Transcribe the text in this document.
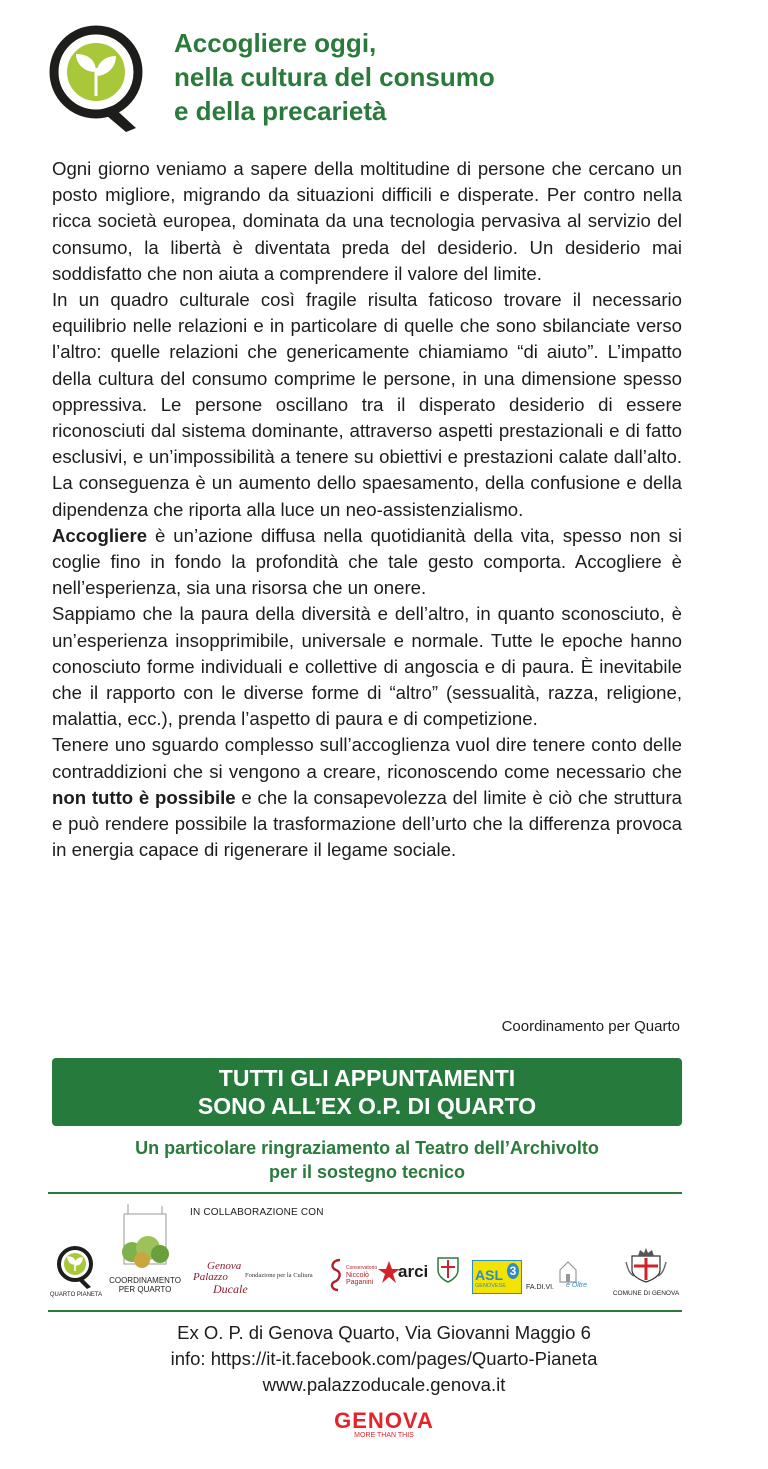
Accogliere oggi,
nella cultura del consumo
e della precarietà

Ogni giorno veniamo a sapere della moltitudine di persone che cercano un posto migliore, migrando da situazioni difficili e disperate. Per contro nella ricca società europea, dominata da una tecnologia pervasiva al servizio del consumo, la libertà è diventata preda del desiderio. Un desiderio mai soddisfatto che non aiuta a comprendere il valore del limite.

In un quadro culturale così fragile risulta faticoso trovare il necessario equilibrio nelle relazioni e in particolare di quelle che sono sbilanciate verso l’altro: quelle relazioni che genericamente chiamiamo “di aiuto”. L’impatto della cultura del consumo comprime le persone, in una dimensione spesso oppressiva. Le persone oscillano tra il disperato desiderio di essere riconosciuti dal sistema dominante, attraverso aspetti prestazionali e di fatto esclusivi, e un’impossibilità a tenere su obiettivi e prestazioni calate dall’alto. La conseguenza è un aumento dello spaesamento, della confusione e della dipendenza che riporta alla luce un neo-assistenzialismo.

Accogliere è un’azione diffusa nella quotidianità della vita, spesso non si coglie fino in fondo la profondità che tale gesto comporta. Accogliere è nell’esperienza, sia una risorsa che un onere.

Sappiamo che la paura della diversità e dell’altro, in quanto sconosciuto, è un’esperienza insopprimibile, universale e normale. Tutte le epoche hanno conosciuto forme individuali e collettive di angoscia e di paura. È inevitabile che il rapporto con le diverse forme di “altro” (sessualità, razza, religione, malattia, ecc.), prenda l’aspetto di paura e di competizione.

Tenere uno sguardo complesso sull’accoglienza vuol dire tenere conto delle contraddizioni che si vengono a creare, riconoscendo come necessario che non tutto è possibile e che la consapevolezza del limite è ciò che struttura e può rendere possibile la trasformazione dell’urto che la differenza provoca in energia capace di rigenerare il legame sociale.

Coordinamento per Quarto
TUTTI GLI APPUNTAMENTI
SONO ALL’EX O.P. DI QUARTO
Un particolare ringraziamento al Teatro dell’Archivolto
per il sostegno tecnico
IN COLLABORAZIONE CON
QUARTO PIANETA
COORDINAMENTO
PER QUARTO
Genova
Palazzo
Ducale
Fondazione per la Cultura
Conservatorio
Niccolò
Paganini
arci	ASL 3
GENOVESE	FA.DI.VI. e Oltre
COMUNE DI GENOVA
Ex O. P. di Genova Quarto, Via Giovanni Maggio 6
info: https://it-it.facebook.com/pages/Quarto-Pianeta
www.palazzoducale.genova.it
GENOVA
MORE THAN THIS
